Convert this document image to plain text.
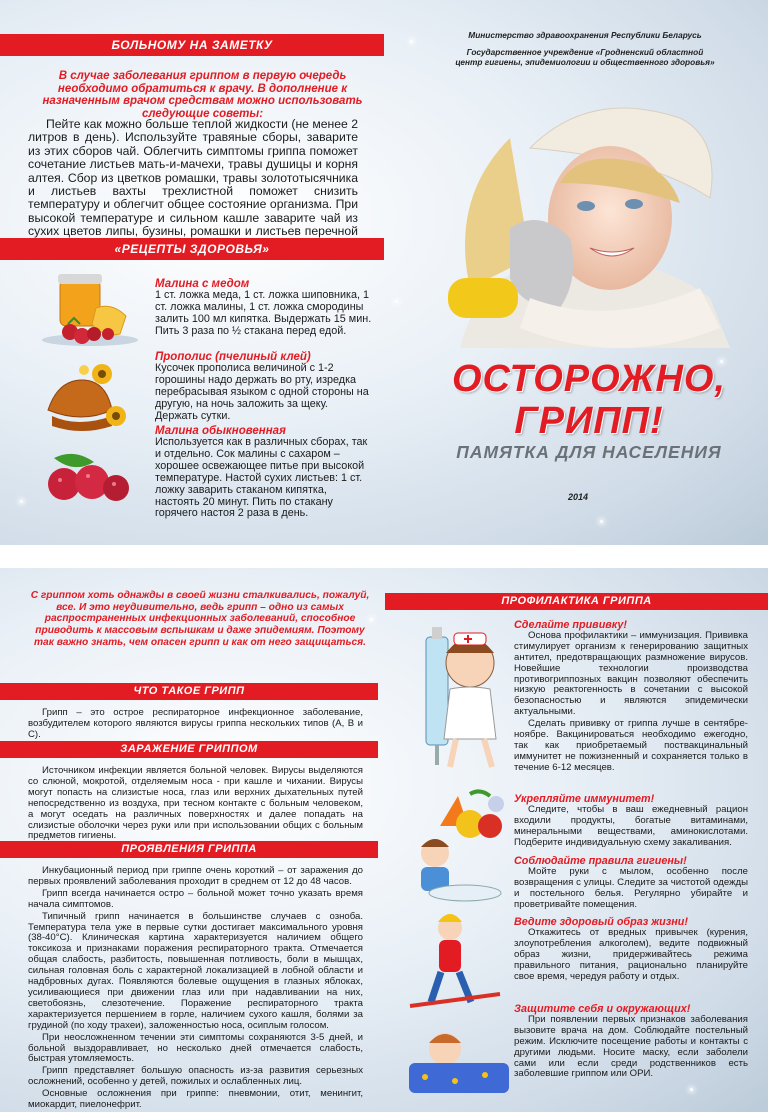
БОЛЬНОМУ НА ЗАМЕТКУ
В случае заболевания гриппом в первую очередь необходимо обратиться к врачу. В дополнение к назначенным врачом средствам можно использовать следующие советы:

Пейте как можно больше теплой жидкости (не менее 2 литров в день). Используйте травяные сборы, заварите из этих сборов чай. Облегчить симптомы гриппа поможет сочетание листьев мать-и-мачехи, травы душицы и корня алтея. Сбор из цветков ромашки, травы золототысячника и листьев вахты трехлистной поможет снизить температуру и облегчит общее состояние организма. При высокой температуре и сильном кашле заварите чай из сухих цветов липы, бузины, ромашки и листьев перечной

«РЕЦЕПТЫ ЗДОРОВЬЯ»
Малина с медом
1 ст. ложка меда, 1 ст. ложка шиповника, 1 ст. ложка малины, 1 ст. ложка смородины залить 100 мл кипятка. Выдержать 15 мин. Пить 3 раза по ½ стакана перед едой.
Прополис (пчелиный клей)
Кусочек прополиса величиной с 1-2 горошины надо держать во рту, изредка перебрасывая языком с одной стороны на другую, на ночь заложить за щеку. Держать сутки.
Малина обыкновенная
Используется как в различных сборах, так и отдельно. Сок малины с сахаром – хорошее освежающее питье при высокой температуре. Настой сухих листьев: 1 ст. ложку заварить стаканом кипятка, настоять 20 минут. Пить по стакану горячего настоя 2 раза в день.
Министерство здравоохранения Республики Беларусь
Государственное учреждение «Гродненский областной центр гигиены, эпидемиологии и общественного здоровья»
ОСТОРОЖНО,
ГРИПП!
ПАМЯТКА ДЛЯ НАСЕЛЕНИЯ
2014
С гриппом хоть однажды в своей жизни сталкивались, пожалуй, все. И это неудивительно, ведь грипп – одно из самых распространенных инфекционных заболеваний, способное приводить к массовым вспышкам и даже эпидемиям. Поэтому так важно знать, чем опасен грипп и как от него защищаться.
ЧТО ТАКОЕ ГРИПП

Грипп – это острое респираторное инфекционное заболевание, возбудителем которого являются вирусы гриппа нескольких типов (А, В и С).

ЗАРАЖЕНИЕ ГРИППОМ

Источником инфекции является больной человек. Вирусы выделяются со слюной, мокротой, отделяемым носа - при кашле и чихании. Вирусы могут попасть на слизистые носа, глаз или верхних дыхательных путей непосредственно из воздуха, при тесном контакте с больным человеком, а могут оседать на различных поверхностях и далее попадать на слизистые оболочки через руки или при использовании общих с больным предметов гигиены.

ПРОЯВЛЕНИЯ ГРИППА

Инкубационный период при гриппе очень короткий – от заражения до первых проявлений заболевания проходит в среднем от 12 до 48 часов.

Грипп всегда начинается остро – больной может точно указать время начала симптомов.

Типичный грипп начинается в большинстве случаев с озноба. Температура тела уже в первые сутки достигает максимального уровня (38-40°С). Клиническая картина характеризуется наличием общего токсикоза и признаками поражения респираторного тракта. Отмечается общая слабость, разбитость, повышенная потливость, боли в мышцах, сильная головная боль с характерной локализацией в лобной области и надбровных дугах. Появляются болевые ощущения в глазных яблоках, усиливающиеся при движении глаз или при надавливании на них, светобоязнь, слезотечение. Поражение респираторного тракта характеризуется першением в горле, наличием сухого кашля, болями за грудиной (по ходу трахеи), заложенностью носа, осиплым голосом.

При неосложненном течении эти симптомы сохраняются 3-5 дней, и больной выздоравливает, но несколько дней отмечается слабость, быстрая утомляемость.

Грипп представляет большую опасность из-за развития серьезных осложнений, особенно у детей, пожилых и ослабленных лиц.

Основные осложнения при гриппе: пневмонии, отит, менингит, миокардит, пиелонефрит.

ПРОФИЛАКТИКА ГРИППА
Сделайте прививку!

Основа профилактики – иммунизация. Прививка стимулирует организм к генерированию защитных антител, предотвращающих размножение вирусов. Новейшие технологии производства противогриппозных вакцин позволяют обеспечить низкую реактогенность в сочетании с высокой безопасностью и являются эпидемически актуальными.

Сделать прививку от гриппа лучше в сентябре-ноябре. Вакцинироваться необходимо ежегодно, так как приобретаемый поствакцинальный иммунитет не пожизненный и сохраняется только в течение 6-12 месяцев.

Укрепляйте иммунитет!

Следите, чтобы в ваш ежедневный рацион входили продукты, богатые витаминами, минеральными веществами, аминокислотами. Подберите индивидуальную схему закаливания.

Соблюдайте правила гигиены!

Мойте руки с мылом, особенно после возвращения с улицы. Следите за чистотой одежды и постельного белья. Регулярно убирайте и проветривайте помещения.

Ведите здоровый образ жизни!

Откажитесь от вредных привычек (курения, злоупотребления алкоголем), ведите подвижный образ жизни, придерживайтесь режима правильного питания, рационально планируйте свое время, чередуя работу и отдых.

Защитите себя и окружающих!

При появлении первых признаков заболевания вызовите врача на дом. Соблюдайте постельный режим. Исключите посещение работы и контакты с другими людьми. Носите маску, если заболели сами или если среди родственников есть заболевшие гриппом или ОРИ.
